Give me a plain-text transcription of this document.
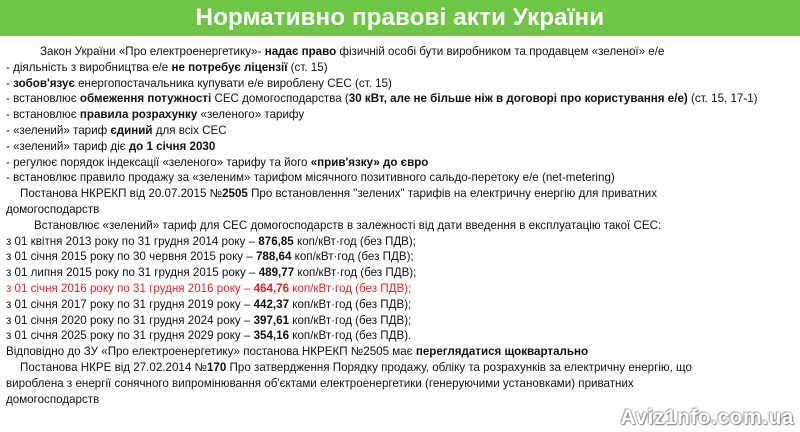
Нормативно правові акти України

Закон України «Про електроенергетику»- надає право фізичній особі бути виробником та продавцем «зеленої» е/е

- діяльність з виробництва е/е не потребує ліцензії (ст. 15)

- зобов'язує енергопостачальника купувати е/е вироблену СЕС (ст. 15)

- встановлює обмеження потужності СЕС домогосподарства (30 кВт, але не більше ніж в договорі про користування е/е) (ст. 15, 17-1)

- встановлює правила розрахунку «зеленого» тарифу

- «зелений» тариф єдиний для всіх СЕС

- «зелений» тариф діє до 1 січня 2030

- регулює порядок індексації «зеленого» тарифу та його «прив'язку» до євро

- встановлює правило продажу за «зеленим» тарифом місячного позитивного сальдо-перетоку е/е (net-metering)

Постанова НКРЕКП від 20.07.2015 №2505 Про встановлення "зелених" тарифів на електричну енергію для приватних

домогосподарств

Встановлює «зелений» тариф для СЕС домогосподарств в залежності від дати введення в експлуатацію такої СЕС:

з 01 квітня 2013 року по 31 грудня 2014 року – 876,85 коп/кВт·год (без ПДВ);

з 01 січня 2015 року по 30 червня 2015 року – 788,64 коп/кВт·год (без ПДВ);

з 01 липня 2015 року по 31 грудня 2015 року – 489,77 коп/кВт·год (без ПДВ);

з 01 січня 2016 року по 31 грудня 2016 року – 464,76 коп/кВт·год (без ПДВ);

з 01 січня 2017 року по 31 грудня 2019 року – 442,37 коп/кВт·год (без ПДВ);

з 01 січня 2020 року по 31 грудня 2024 року – 397,61 коп/кВт·год (без ПДВ);

з 01 січня 2025 року по 31 грудня 2029 року – 354,16 коп/кВт·год (без ПДВ).

Відповідно до ЗУ «Про електроенергетику» постанова НКРЕКП №2505 має переглядатися щоквартально

Постанова НКРЕ від 27.02.2014 №170 Про затвердження Порядку продажу, обліку та розрахунків за електричну енергію, що

вироблена з енергії сонячного випромінювання об'єктами електроенергетики (генеруючими установками) приватних

домогосподарств

Aviz1nfo.com.ua
